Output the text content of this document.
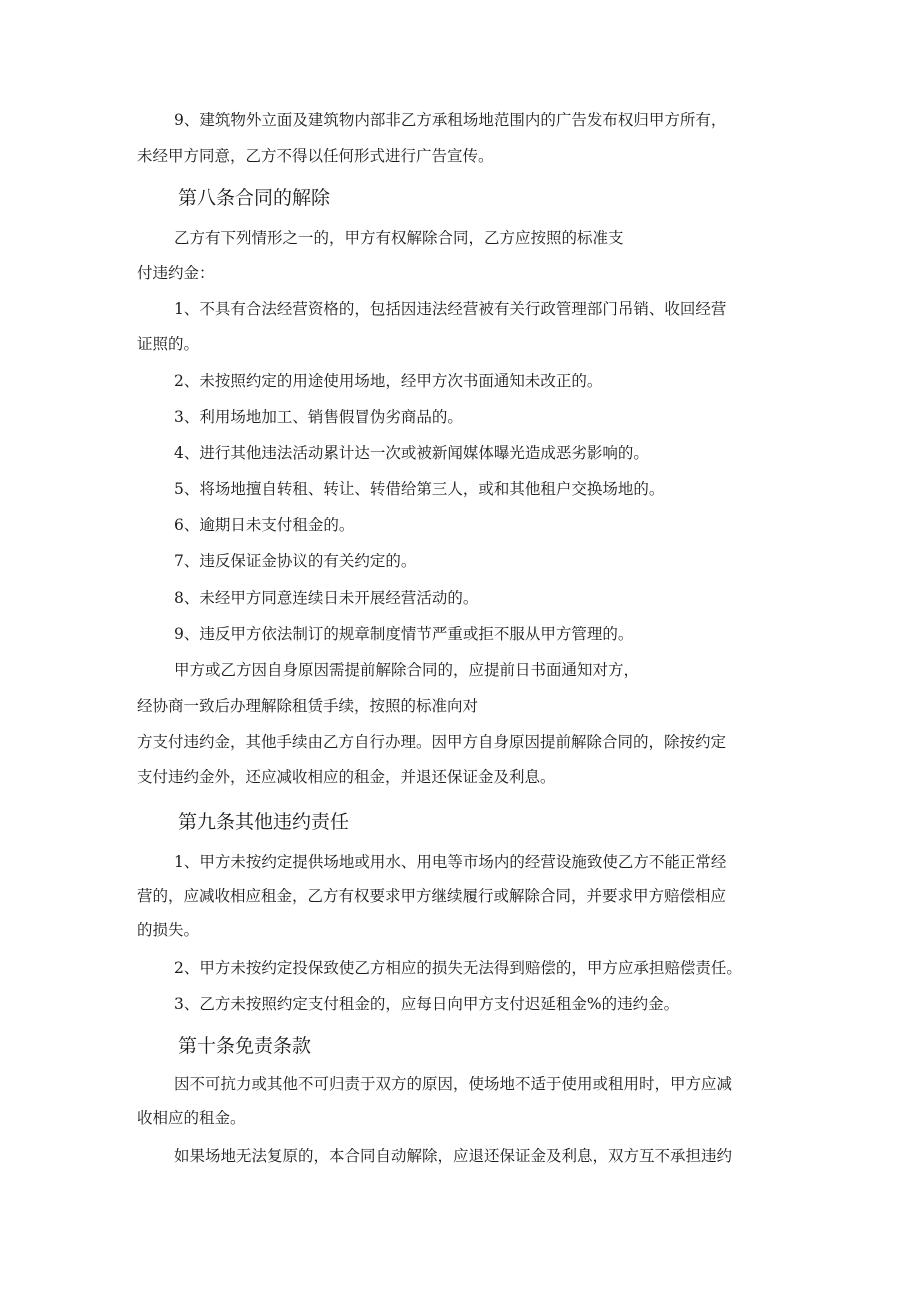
9、建筑物外立面及建筑物内部非乙方承租场地范围内的广告发布权归甲方所有，
未经甲方同意，乙方不得以任何形式进行广告宣传。
第八条合同的解除
乙方有下列情形之一的，甲方有权解除合同，乙方应按照的标准支
付违约金：
1、不具有合法经营资格的，包括因违法经营被有关行政管理部门吊销、收回经营
证照的。
2、未按照约定的用途使用场地，经甲方次书面通知未改正的。
3、利用场地加工、销售假冒伪劣商品的。
4、进行其他违法活动累计达一次或被新闻媒体曝光造成恶劣影响的。
5、将场地擅自转租、转让、转借给第三人，或和其他租户交换场地的。
6、逾期日未支付租金的。
7、违反保证金协议的有关约定的。
8、未经甲方同意连续日未开展经营活动的。
9、违反甲方依法制订的规章制度情节严重或拒不服从甲方管理的。
甲方或乙方因自身原因需提前解除合同的，应提前日书面通知对方，
经协商一致后办理解除租赁手续，按照的标准向对
方支付违约金，其他手续由乙方自行办理。因甲方自身原因提前解除合同的，除按约定
支付违约金外，还应减收相应的租金，并退还保证金及利息。
第九条其他违约责任
1、甲方未按约定提供场地或用水、用电等市场内的经营设施致使乙方不能正常经
营的，应减收相应租金，乙方有权要求甲方继续履行或解除合同，并要求甲方赔偿相应
的损失。
2、甲方未按约定投保致使乙方相应的损失无法得到赔偿的，甲方应承担赔偿责任。
3、乙方未按照约定支付租金的，应每日向甲方支付迟延租金%的违约金。
第十条免责条款
因不可抗力或其他不可归责于双方的原因，使场地不适于使用或租用时，甲方应减
收相应的租金。
如果场地无法复原的，本合同自动解除，应退还保证金及利息，双方互不承担违约
